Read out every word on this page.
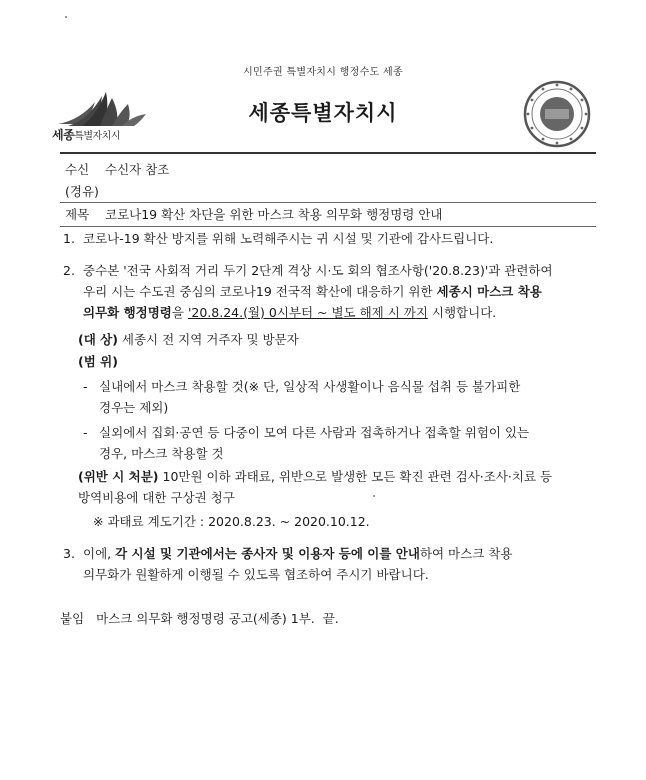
시민주권 특별자치시 행정수도 세종
세종특별자치시
세종특별자치시
수신 수신자 참조
(경유)
제목 코로나19 확산 차단을 위한 마스크 착용 의무화 행정명령 안내
1. 코로나-19 확산 방지를 위해 노력해주시는 귀 시설 및 기관에 감사드립니다.
2. 중수본 '전국 사회적 거리 두기 2단계 격상 시·도 회의 협조사항('20.8.23)'과 관련하여
우리 시는 수도권 중심의 코로나19 전국적 확산에 대응하기 위한 세종시 마스크 착용
의무화 행정명령을 '20.8.24.(월) 0시부터 ~ 별도 해제 시 까지 시행합니다.
(대 상) 세종시 전 지역 거주자 및 방문자
(범 위)
- 실내에서 마스크 착용할 것(※ 단, 일상적 사생활이나 음식물 섭취 등 불가피한
경우는 제외)
- 실외에서 집회·공연 등 다중이 모여 다른 사람과 접촉하거나 접촉할 위험이 있는
경우, 마스크 착용할 것
(위반 시 처분) 10만원 이하 과태료, 위반으로 발생한 모든 확진 관련 검사·조사·치료 등
방역비용에 대한 구상권 청구
※ 과태료 계도기간 : 2020.8.23. ~ 2020.10.12.
3. 이에, 각 시설 및 기관에서는 종사자 및 이용자 등에 이를 안내하여 마스크 착용
의무화가 원활하게 이행될 수 있도록 협조하여 주시기 바랍니다.
붙임 마스크 의무화 행정명령 공고(세종) 1부. 끝.
